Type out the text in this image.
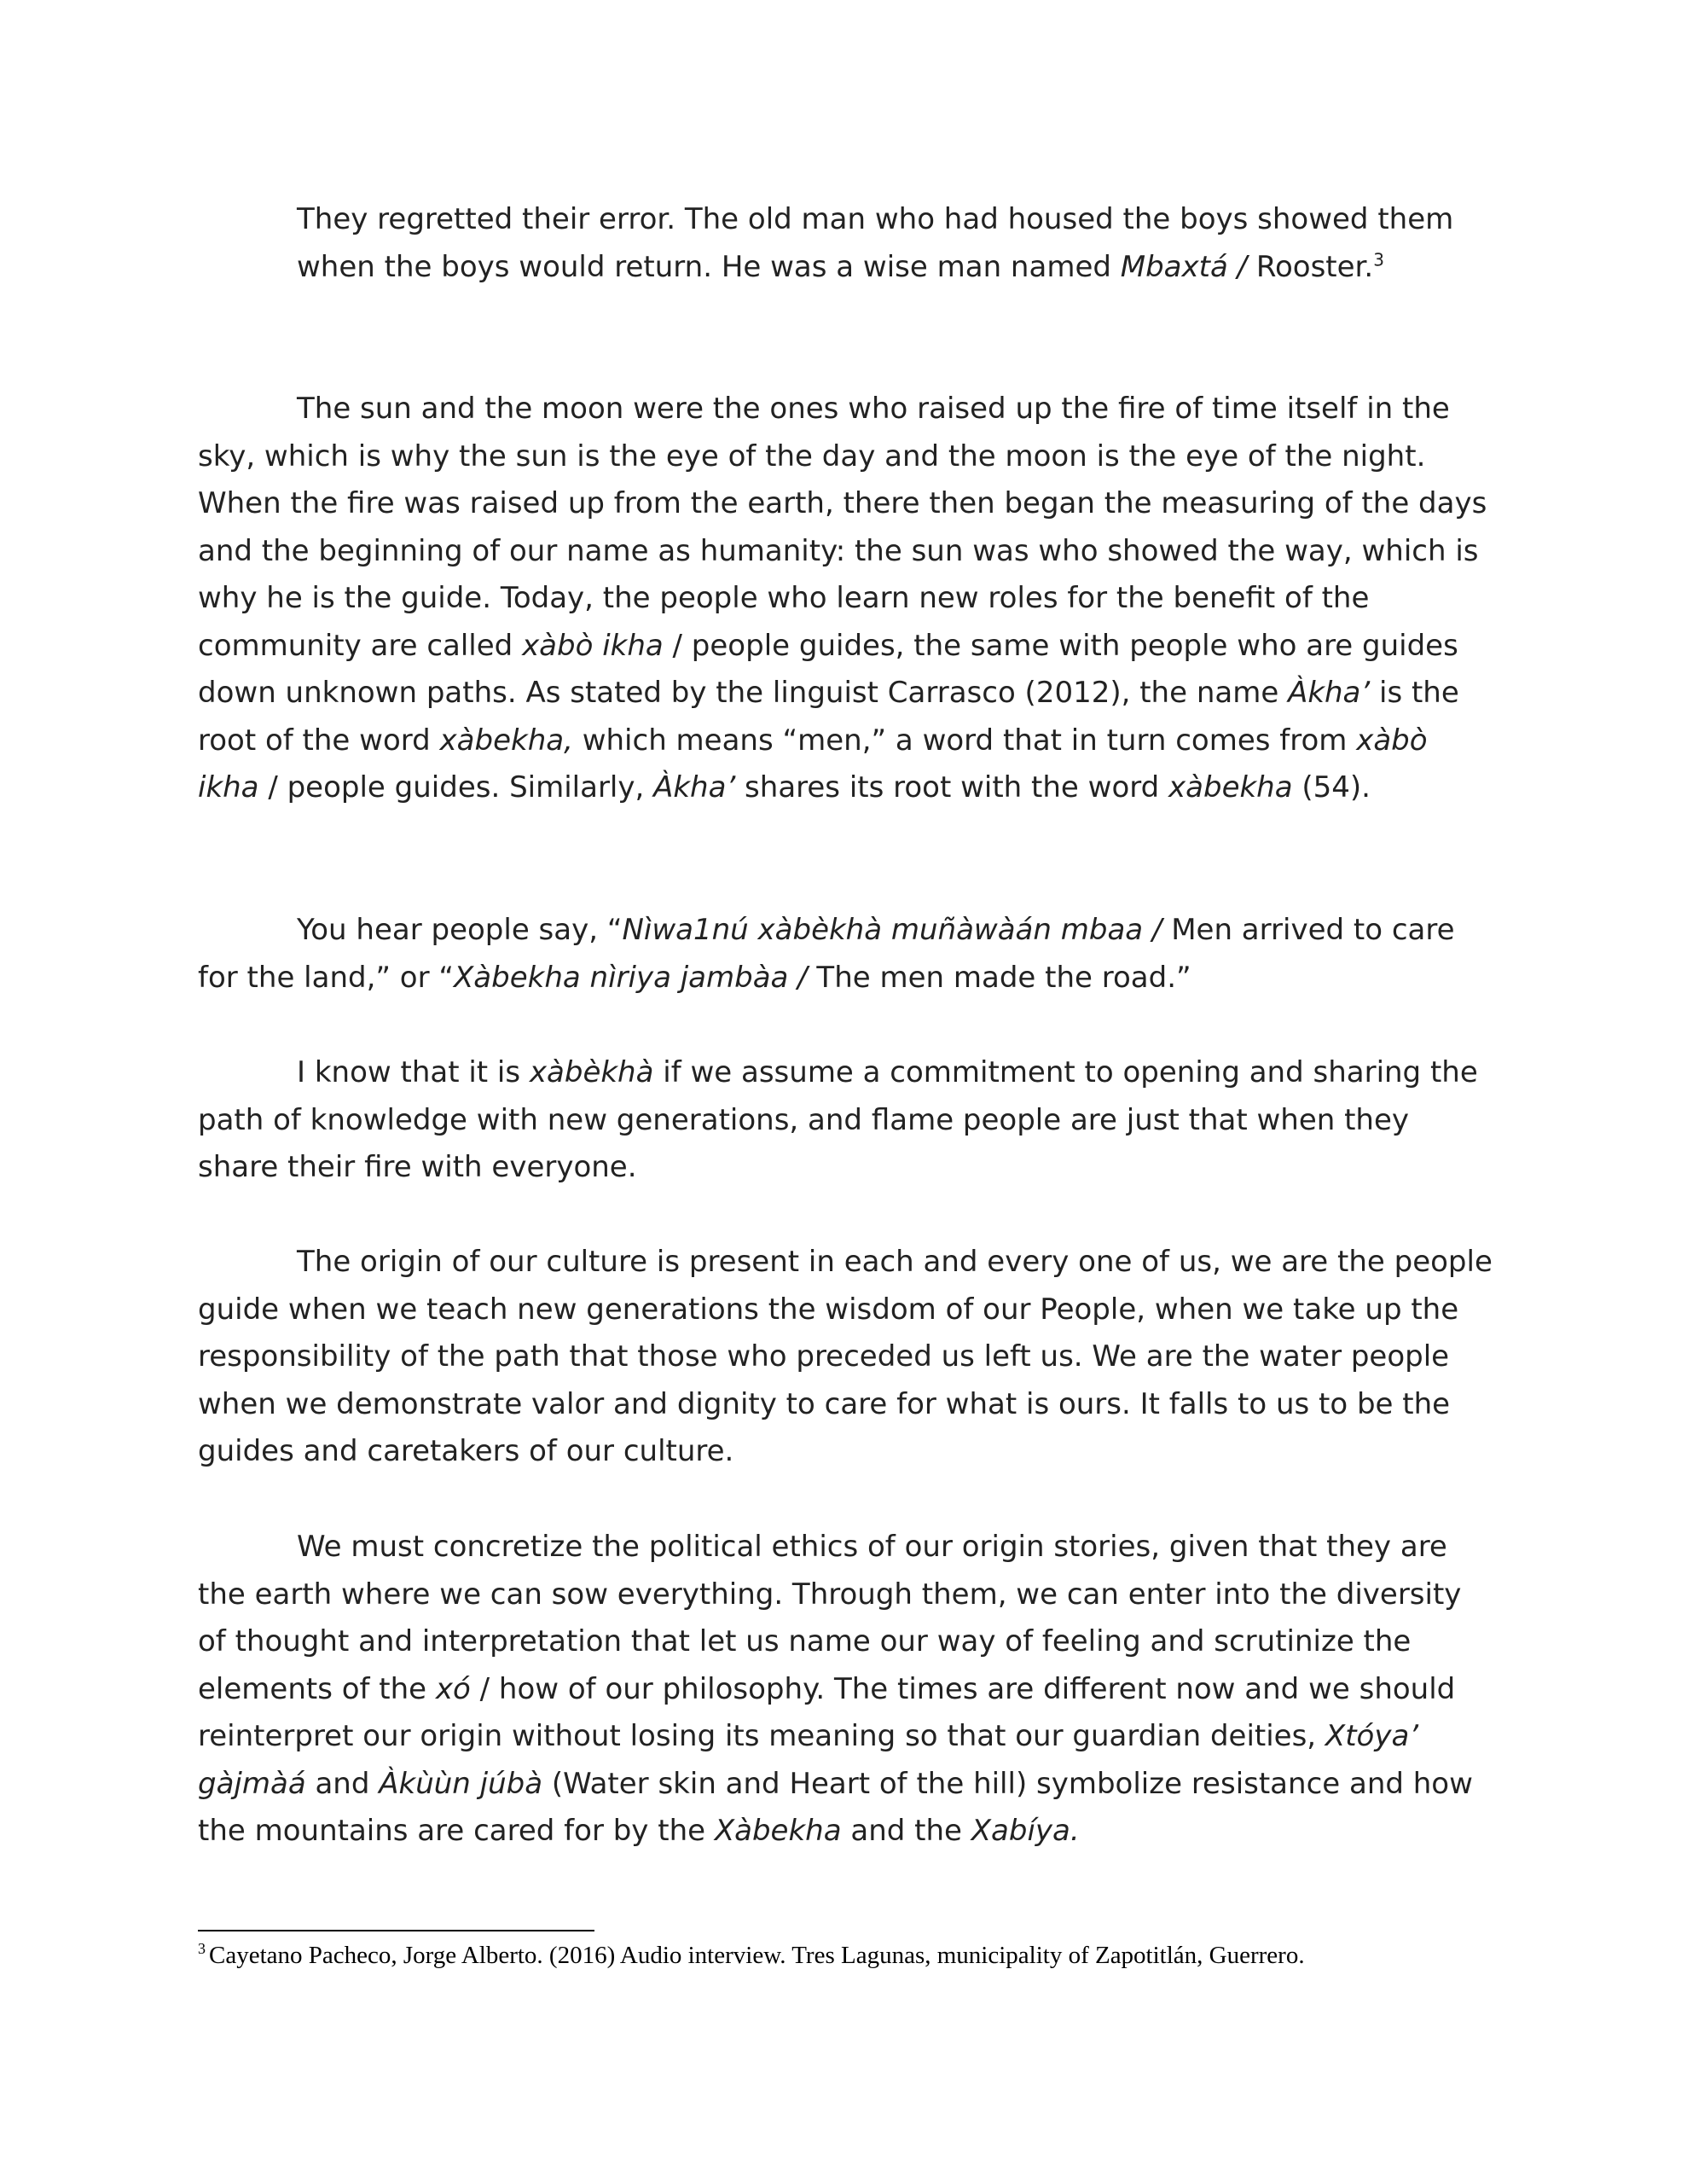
They regretted their error. The old man who had housed the boys showed them when the boys would return. He was a wise man named Mbaxtá / Rooster.$^3$

The sun and the moon were the ones who raised up the fire of time itself in the sky, which is why the sun is the eye of the day and the moon is the eye of the night. When the fire was raised up from the earth, there then began the measuring of the days and the beginning of our name as humanity: the sun was who showed the way, which is why he is the guide. Today, the people who learn new roles for the benefit of the community are called xàbò ikha / people guides, the same with people who are guides down unknown paths. As stated by the linguist Carrasco (2012), the name Àkha’ is the root of the word xàbekha, which means “men,” a word that in turn comes from xàbò ikha / people guides. Similarly, Àkha’ shares its root with the word xàbekha (54).

You hear people say, “Nìwa1nú xàbèkhà muñàwàán mbaa / Men arrived to care for the land,” or “Xàbekha nìriya jambàa / The men made the road.”

I know that it is xàbèkhà if we assume a commitment to opening and sharing the path of knowledge with new generations, and flame people are just that when they share their fire with everyone.

The origin of our culture is present in each and every one of us, we are the people guide when we teach new generations the wisdom of our People, when we take up the responsibility of the path that those who preceded us left us. We are the water people when we demonstrate valor and dignity to care for what is ours. It falls to us to be the guides and caretakers of our culture.

We must concretize the political ethics of our origin stories, given that they are the earth where we can sow everything. Through them, we can enter into the diversity of thought and interpretation that let us name our way of feeling and scrutinize the elements of the xó / how of our philosophy. The times are different now and we should reinterpret our origin without losing its meaning so that our guardian deities, Xtóya’ gàjmàá and Àkùùn júbà (Water skin and Heart of the hill) symbolize resistance and how the mountains are cared for by the Xàbekha and the Xabíya.

$^3$ Cayetano Pacheco, Jorge Alberto. (2016) Audio interview. Tres Lagunas, municipality of Zapotitlán, Guerrero.
